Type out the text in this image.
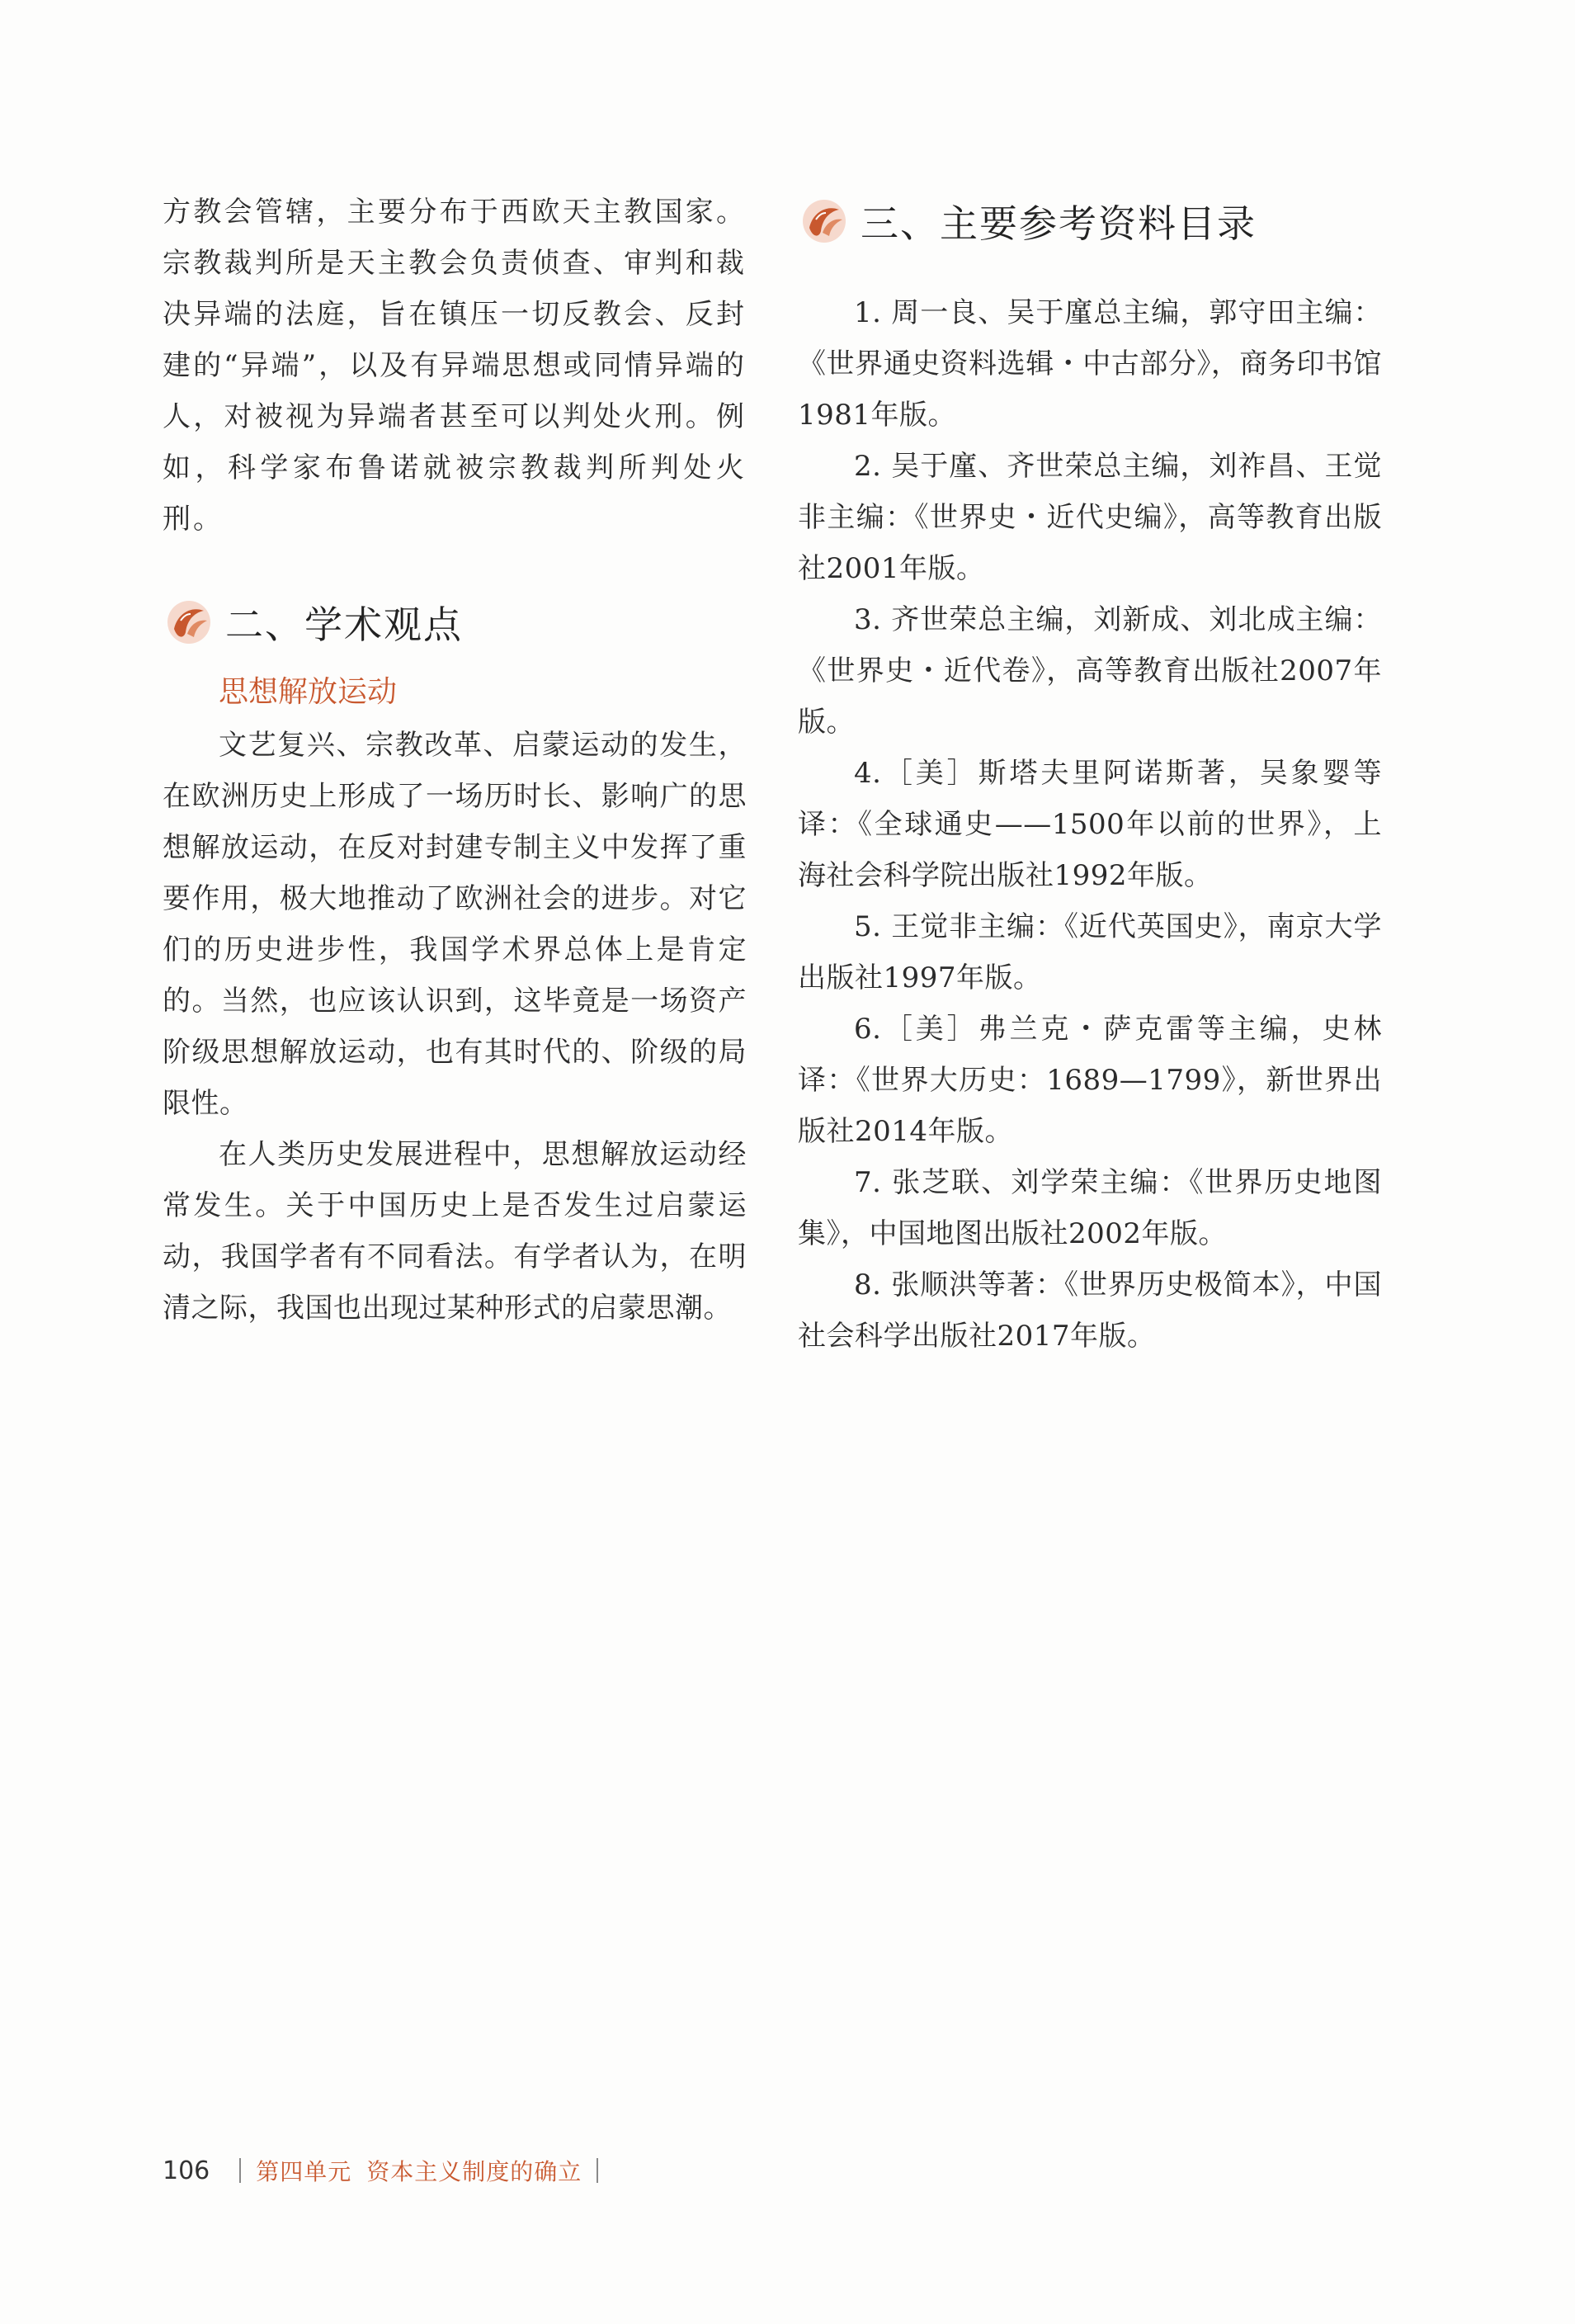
方教会管辖，主要分布于西欧天主教国家。宗教裁判所是天主教会负责侦查、审判和裁决异端的法庭，旨在镇压一切反教会、反封建的“异端”，以及有异端思想或同情异端的人，对被视为异端者甚至可以判处火刑。例如，科学家布鲁诺就被宗教裁判所判处火刑。

二、学术观点

思想解放运动

文艺复兴、宗教改革、启蒙运动的发生，在欧洲历史上形成了一场历时长、影响广的思想解放运动，在反对封建专制主义中发挥了重要作用，极大地推动了欧洲社会的进步。对它们的历史进步性，我国学术界总体上是肯定的。当然，也应该认识到，这毕竟是一场资产阶级思想解放运动，也有其时代的、阶级的局限性。

在人类历史发展进程中，思想解放运动经常发生。关于中国历史上是否发生过启蒙运动，我国学者有不同看法。有学者认为，在明清之际，我国也出现过某种形式的启蒙思潮。

三、主要参考资料目录

1. 周一良、吴于廑总主编，郭守田主编：《世界通史资料选辑・中古部分》，商务印书馆1981年版。

2. 吴于廑、齐世荣总主编，刘祚昌、王觉非主编：《世界史・近代史编》，高等教育出版社2001年版。

3. 齐世荣总主编，刘新成、刘北成主编：《世界史・近代卷》，高等教育出版社2007年版。

4.［美］斯塔夫里阿诺斯著，吴象婴等译：《全球通史——1500年以前的世界》，上海社会科学院出版社1992年版。

5. 王觉非主编：《近代英国史》，南京大学出版社1997年版。

6.［美］弗兰克・萨克雷等主编，史林译：《世界大历史：1689—1799》，新世界出版社2014年版。

7. 张芝联、刘学荣主编：《世界历史地图集》，中国地图出版社2002年版。

8. 张顺洪等著：《世界历史极简本》，中国社会科学出版社2017年版。

106 第四单元 资本主义制度的确立
